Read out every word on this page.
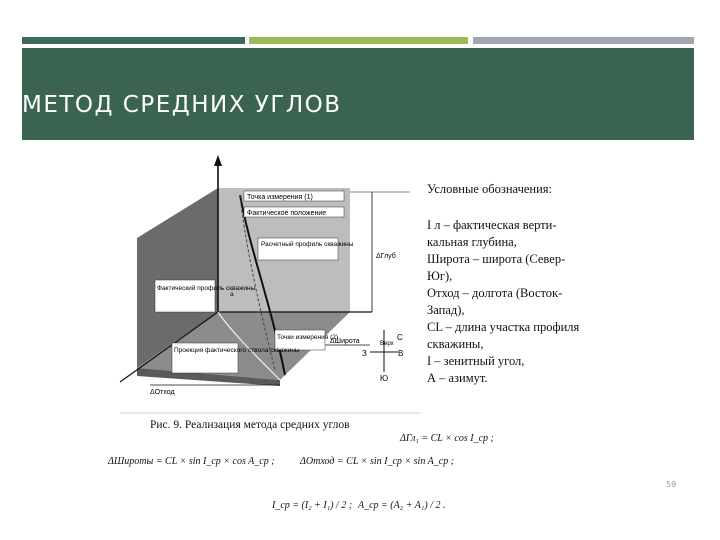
МЕТОД СРЕДНИХ УГЛОВ
Точка измерения (1)
Фактическое положение
Расчетный профиль скважины
Фактический профиль скважины
Проекция фактического ствола скважины
Точки измерения (2)
ΔГлуб
ΔШирота
ΔОтход
a
Верх
С
Ю
З	В
Условные обозначения:
I л – фактическая верти-
кальная глубина,
Широта – широта (Север-
Юг),
Отход – долгота (Восток-
Запад),
CL – длина участка профиля
скважины,
I – зенитный угол,
А – азимут.
Рис. 9. Реализация метода средних углов
ΔГл₁ = CL × cos I_ср ;
ΔШироты = CL × sin I_ср × cos A_ср ;	ΔОтход = CL × sin I_ср × sin A_ср ;
I_ср = (I₂ + I₁) / 2 ; A_ср = (A₂ + A₁) / 2 .
59
